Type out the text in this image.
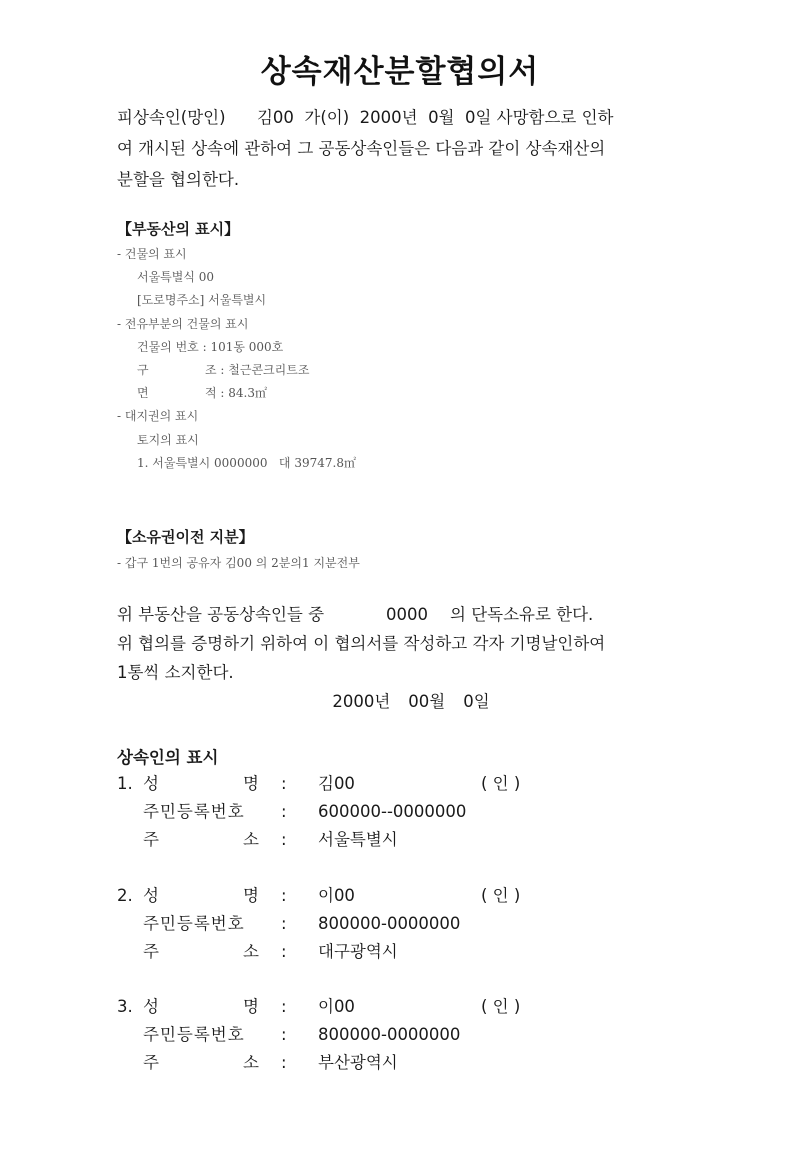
상속재산분할협의서
피상속인(망인)      김00  가(이)  2000년  0월  0일 사망함으로 인하
여 개시된 상속에 관하여 그 공동상속인들은 다음과 같이 상속재산의
분할을 협의한다.
【부동산의 표시】
- 건물의 표시
서울특별식 00
[도로명주소] 서울특별시
- 전유부분의 건물의 표시
건물의 번호 : 101동 000호
구	조 : 철근콘크리트조
면	적 : 84.3㎡
- 대지권의 표시
토지의 표시
1. 서울특별시 0000000   대 39747.8㎡
【소유권이전 지분】
- 갑구 1번의 공유자 김00 의 2분의1 지분전부
위 부동산을 공동상속인들 중	0000 의 단독소유로 한다.
위 협의를 증명하기 위하여 이 협의서를 작성하고 각자 기명날인하여
1통씩 소지한다.
2000년 00월 0일
상속인의 표시
1. 성	명 : 김00	( 인 )
주민등록번호 : 600000--0000000
주	소 : 서울특별시
2. 성	명 : 이00	( 인 )
주민등록번호 : 800000-0000000
주	소 : 대구광역시
3. 성	명 : 이00	( 인 )
주민등록번호 : 800000-0000000
주	소 : 부산광역시
